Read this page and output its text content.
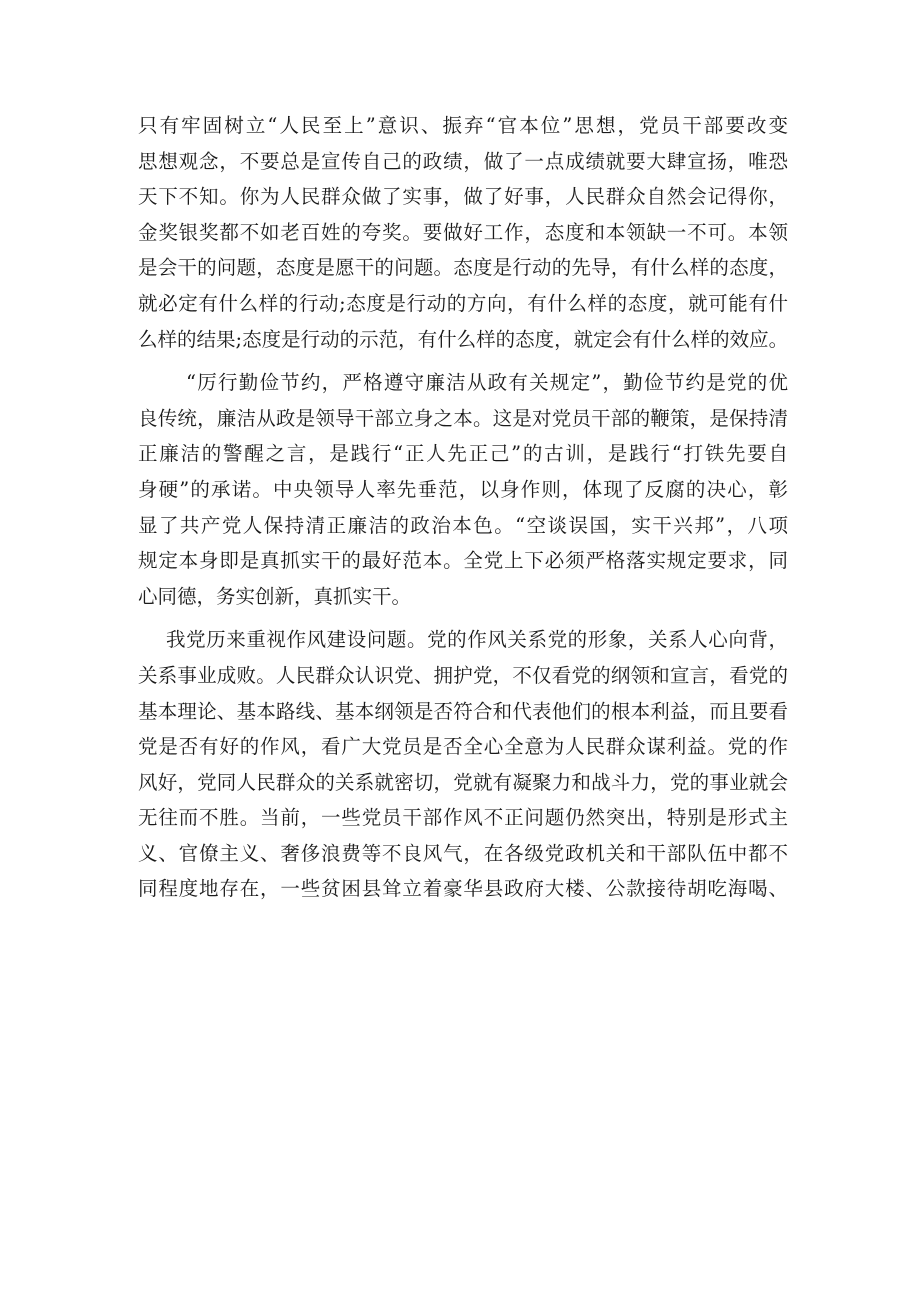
只有牢固树立“人民至上”意识、振弃“官本位”思想，党员干部要改变
思想观念，不要总是宣传自己的政绩，做了一点成绩就要大肆宣扬，唯恐
天下不知。你为人民群众做了实事，做了好事，人民群众自然会记得你，
金奖银奖都不如老百姓的夸奖。要做好工作，态度和本领缺一不可。本领
是会干的问题，态度是愿干的问题。态度是行动的先导，有什么样的态度，
就必定有什么样的行动;态度是行动的方向，有什么样的态度，就可能有什
么样的结果;态度是行动的示范，有什么样的态度，就定会有什么样的效应。
“厉行勤俭节约，严格遵守廉洁从政有关规定”，勤俭节约是党的优
良传统，廉洁从政是领导干部立身之本。这是对党员干部的鞭策，是保持清
正廉洁的警醒之言，是践行“正人先正己”的古训，是践行“打铁先要自
身硬”的承诺。中央领导人率先垂范，以身作则，体现了反腐的决心，彰
显了共产党人保持清正廉洁的政治本色。“空谈误国，实干兴邦”，八项
规定本身即是真抓实干的最好范本。全党上下必须严格落实规定要求，同
心同德，务实创新，真抓实干。
我党历来重视作风建设问题。党的作风关系党的形象，关系人心向背，
关系事业成败。人民群众认识党、拥护党，不仅看党的纲领和宣言，看党的
基本理论、基本路线、基本纲领是否符合和代表他们的根本利益，而且要看
党是否有好的作风，看广大党员是否全心全意为人民群众谋利益。党的作
风好，党同人民群众的关系就密切，党就有凝聚力和战斗力，党的事业就会
无往而不胜。当前，一些党员干部作风不正问题仍然突出，特别是形式主
义、官僚主义、奢侈浪费等不良风气，在各级党政机关和干部队伍中都不
同程度地存在，一些贫困县耸立着豪华县政府大楼、公款接待胡吃海喝、
